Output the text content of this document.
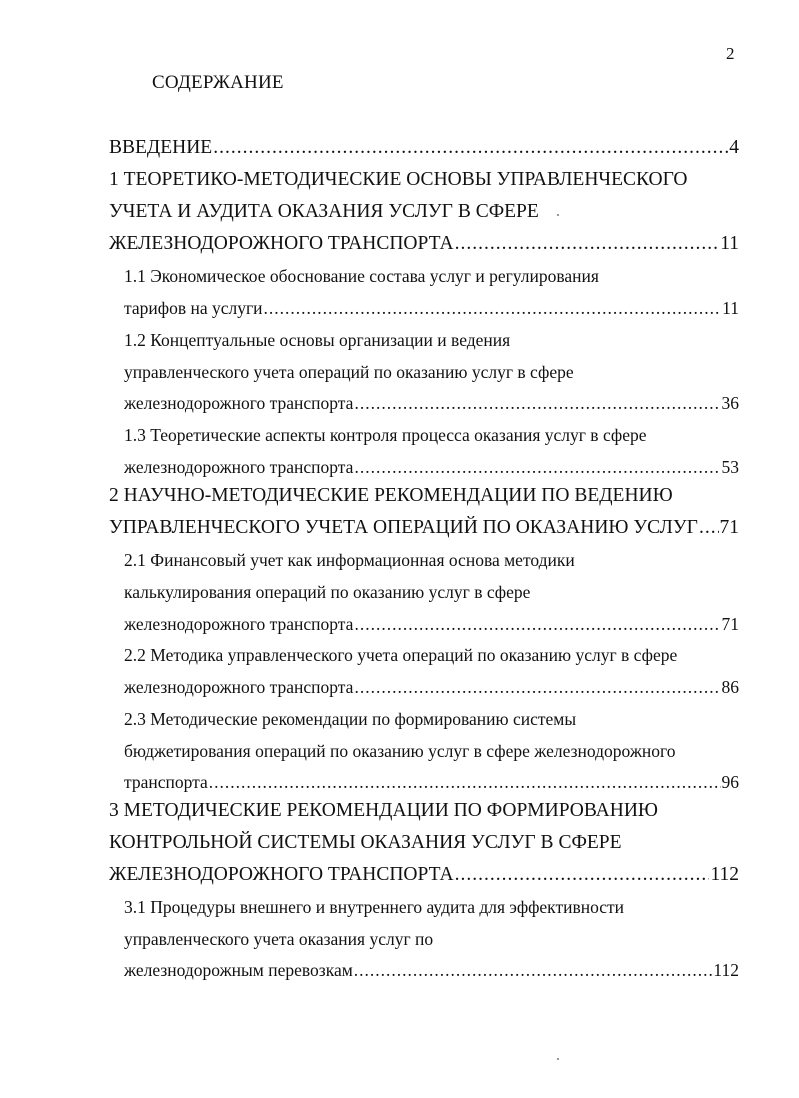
2
СОДЕРЖАНИЕ
ВВЕДЕНИЕ .....	4
1 ТЕОРЕТИКО-МЕТОДИЧЕСКИЕ ОСНОВЫ УПРАВЛЕНЧЕСКОГО
УЧЕТА И АУДИТА ОКАЗАНИЯ УСЛУГ В СФЕРЕ
ЖЕЛЕЗНОДОРОЖНОГО ТРАНСПОРТА .....	11
1.1 Экономическое обоснование состава услуг и регулирования
тарифов на услуги .....	11
1.2 Концептуальные основы организации и ведения
управленческого учета операций по оказанию услуг в сфере
железнодорожного транспорта .....	36
1.3 Теоретические аспекты контроля процесса оказания услуг в сфере
железнодорожного транспорта .....	53
2 НАУЧНО-МЕТОДИЧЕСКИЕ РЕКОМЕНДАЦИИ ПО ВЕДЕНИЮ
УПРАВЛЕНЧЕСКОГО УЧЕТА ОПЕРАЦИЙ ПО ОКАЗАНИЮ УСЛУГ ..... 71
2.1 Финансовый учет как информационная основа методики
калькулирования операций по оказанию услуг в сфере
железнодорожного транспорта .....	71
2.2 Методика управленческого учета операций по оказанию услуг в сфере
железнодорожного транспорта .....	86
2.3 Методические рекомендации по формированию системы
бюджетирования операций по оказанию услуг в сфере железнодорожного
транспорта .....	96
3 МЕТОДИЧЕСКИЕ РЕКОМЕНДАЦИИ ПО ФОРМИРОВАНИЮ
КОНТРОЛЬНОЙ СИСТЕМЫ ОКАЗАНИЯ УСЛУГ В СФЕРЕ
ЖЕЛЕЗНОДОРОЖНОГО ТРАНСПОРТА .....	112
3.1 Процедуры внешнего и внутреннего аудита для эффективности
управленческого учета оказания услуг по
железнодорожным перевозкам .....	112
